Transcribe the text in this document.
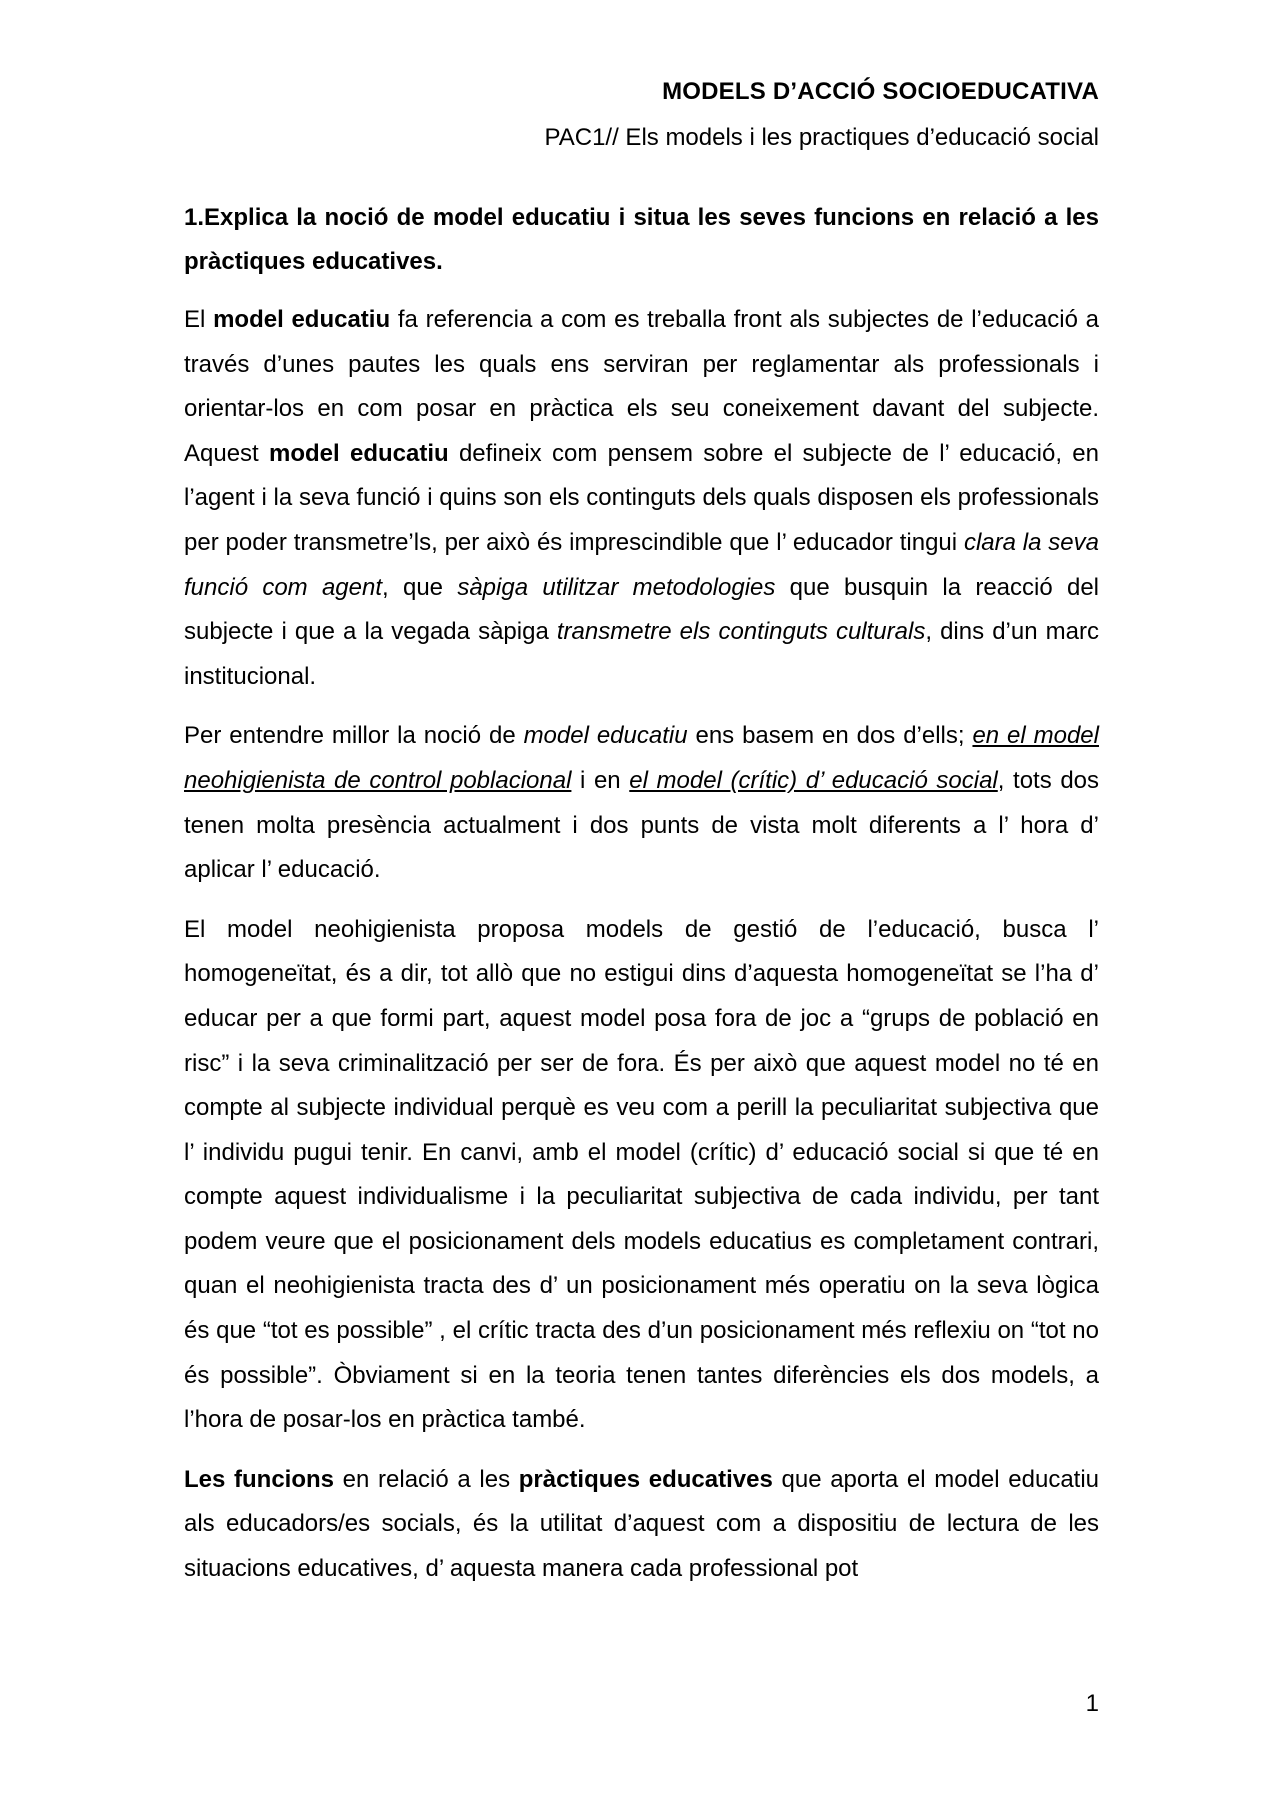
MODELS D’ACCIÓ SOCIOEDUCATIVA
PAC1// Els models i les practiques d’educació social

1.Explica la noció de model educatiu i situa les seves funcions en relació a les pràctiques educatives.

El model educatiu fa referencia a com es treballa front als subjectes de l’educació a través d’unes pautes les quals ens serviran per reglamentar als professionals i orientar-los en com posar en pràctica els seu coneixement davant del subjecte. Aquest model educatiu defineix com pensem sobre el subjecte de l’ educació, en l’agent i la seva funció i quins son els continguts dels quals disposen els professionals per poder transmetre’ls, per això és imprescindible que l’ educador tingui clara la seva funció com agent, que sàpiga utilitzar metodologies que busquin la reacció del subjecte i que a la vegada sàpiga transmetre els continguts culturals, dins d’un marc institucional.

Per entendre millor la noció de model educatiu ens basem en dos d’ells; en el model neohigienista de control poblacional i en el model (crític) d’ educació social, tots dos tenen molta presència actualment i dos punts de vista molt diferents a l’ hora d’ aplicar l’ educació.

El model neohigienista proposa models de gestió de l’educació, busca l’ homogeneïtat, és a dir, tot allò que no estigui dins d’aquesta homogeneïtat se l’ha d’ educar per a que formi part, aquest model posa fora de joc a “grups de població en risc” i la seva criminalització per ser de fora. És per això que aquest model no té en compte al subjecte individual perquè es veu com a perill la peculiaritat subjectiva que l’ individu pugui tenir. En canvi, amb el model (crític) d’ educació social si que té en compte aquest individualisme i la peculiaritat subjectiva de cada individu, per tant podem veure que el posicionament dels models educatius es completament contrari, quan el neohigienista tracta des d’ un posicionament més operatiu on la seva lògica és que “tot es possible” , el crític tracta des d’un posicionament més reflexiu on “tot no és possible”. Òbviament si en la teoria tenen tantes diferències els dos models, a l’hora de posar-los en pràctica també.

Les funcions en relació a les pràctiques educatives que aporta el model educatiu als educadors/es socials, és la utilitat d’aquest com a dispositiu de lectura de les situacions educatives, d’ aquesta manera cada professional pot

1
